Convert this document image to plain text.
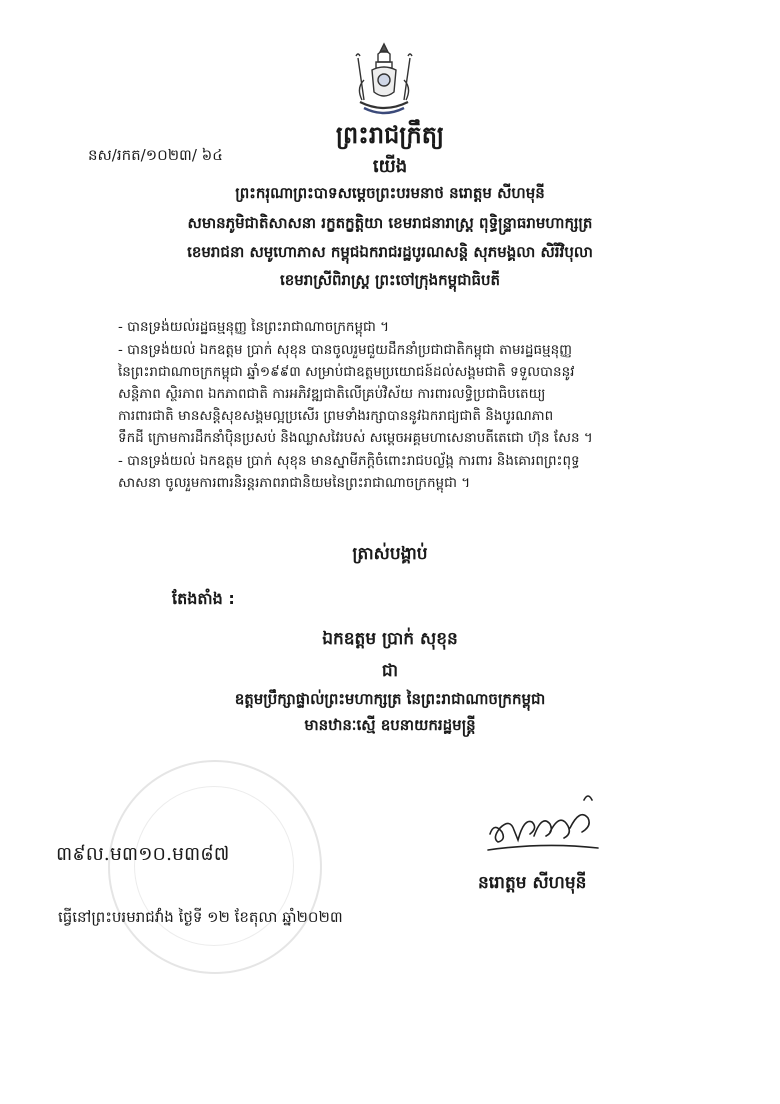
ព្រះរាជក្រឹត្យ
នស/រកត/១០២៣/ ៦៤
យើង
ព្រះករុណាព្រះបាទសម្តេចព្រះបរមនាថ នរោត្តម សីហមុនី
សមានភូមិជាតិសាសនា រក្ខតក្ខត្តិយា ខេមរាជនារាស្ត្រ ពុទ្ធិន្ទ្រាធរាមហាក្សត្រ
ខេមរាជនា សមូហោភាស កម្ពុជឯករាជរដ្ឋបូរណសន្តិ សុភមង្គលា សិរីវិបុលា
ខេមរាស្រីពិរាស្ត្រ ព្រះចៅក្រុងកម្ពុជាធិបតី

- បានទ្រង់យល់រដ្ឋធម្មនុញ្ញ នៃព្រះរាជាណាចក្រកម្ពុជា ។

- បានទ្រង់យល់ ឯកឧត្តម ប្រាក់ សុខុន បានចូលរួមជួយដឹកនាំប្រជាជាតិកម្ពុជា តាមរដ្ឋធម្មនុញ្ញ
នៃព្រះរាជាណាចក្រកម្ពុជា ឆ្នាំ១៩៩៣ សម្រាប់ជាឧត្តមប្រយោជន៍ដល់សង្គមជាតិ ទទួលបាននូវ
សន្តិភាព ស្ថិរភាព ឯកភាពជាតិ ការអភិវឌ្ឍជាតិលើគ្រប់វិស័យ ការពារលទ្ធិប្រជាធិបតេយ្យ
ការពារជាតិ មានសន្តិសុខសង្គមល្អប្រសើរ ព្រមទាំងរក្សាបាននូវឯករាជ្យជាតិ និងបូរណភាព
ទឹកដី ក្រោមការដឹកនាំប៉ិនប្រសប់ និងឈ្លាសវៃរបស់ សម្តេចអគ្គមហាសេនាបតីតេជោ ហ៊ុន សែន ។

- បានទ្រង់យល់ ឯកឧត្តម ប្រាក់ សុខុន មានស្នាមីភក្តិចំពោះរាជបល្ល័ង្ក ការពារ និងគោរពព្រះពុទ្ធ
សាសនា ចូលរួមការពារនិរន្តរភាពរាជានិយមនៃព្រះរាជាណាចក្រកម្ពុជា ។

ត្រាស់បង្គាប់
តែងតាំង :
ឯកឧត្តម ប្រាក់ សុខុន
ជា
ឧត្តមប្រឹក្សាផ្ទាល់ព្រះមហាក្សត្រ នៃព្រះរាជាណាចក្រកម្ពុជា
មានឋានៈស្មើ ឧបនាយករដ្ឋមន្ត្រី
៣៩ល.ម៣១០.ម៣៨៧
នរោត្តម សីហមុនី
ធ្វើនៅព្រះបរមរាជវាំង ថ្ងៃទី ១២ ខែតុលា ឆ្នាំ២០២៣
